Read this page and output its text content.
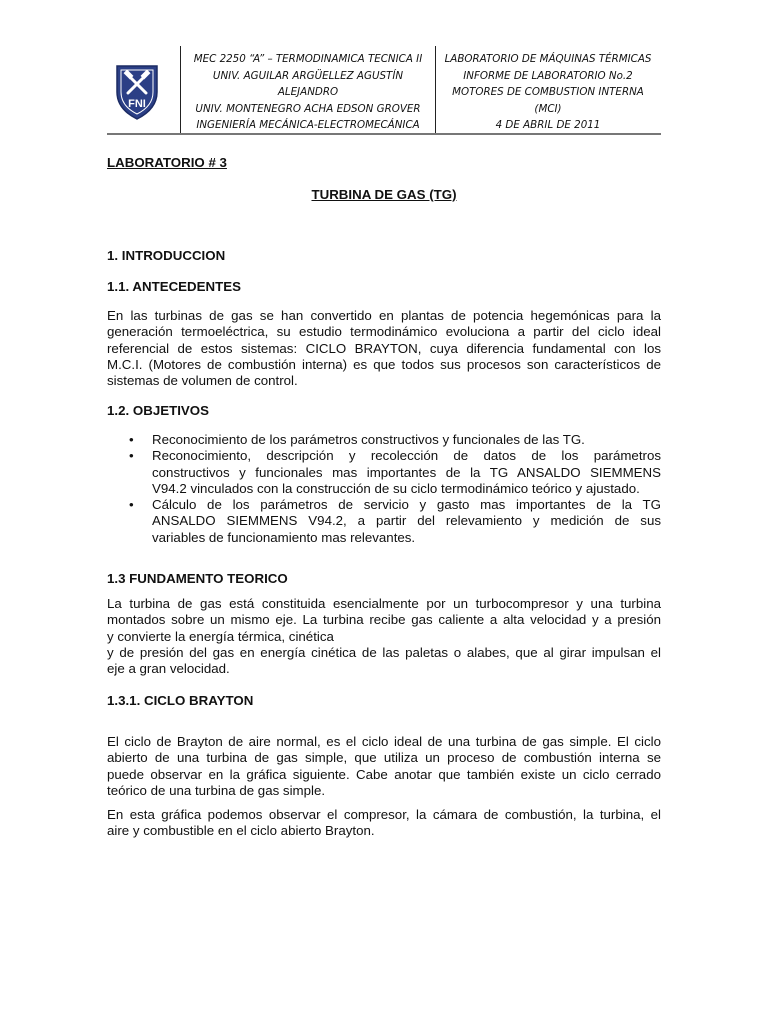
FNI
MEC 2250 “A” – TERMODINAMICA TECNICA II
UNIV. AGUILAR ARGÜELLEZ AGUSTÍN
ALEJANDRO
UNIV. MONTENEGRO ACHA EDSON GROVER
INGENIERÍA MECÁNICA-ELECTROMECÁNICA
LABORATORIO DE MÁQUINAS TÉRMICAS
INFORME DE LABORATORIO No.2
MOTORES DE COMBUSTION INTERNA
(MCI)
4 DE ABRIL DE 2011
LABORATORIO # 3
TURBINA DE GAS (TG)
1. INTRODUCCION
1.1. ANTECEDENTES
En las turbinas de gas se han convertido en plantas de potencia hegemónicas para la
generación termoeléctrica, su estudio termodinámico evoluciona a partir del ciclo ideal
referencial de estos sistemas: CICLO BRAYTON, cuya diferencia fundamental con los
M.C.I. (Motores de combustión interna) es que todos sus procesos son característicos de
sistemas de volumen de control.
1.2. OBJETIVOS
• Reconocimiento de los parámetros constructivos y funcionales de las TG.
• Reconocimiento, descripción y recolección de datos de los parámetros
constructivos y funcionales mas importantes de la TG ANSALDO SIEMMENS
V94.2 vinculados con la construcción de su ciclo termodinámico teórico y ajustado.
• Cálculo de los parámetros de servicio y gasto mas importantes de la TG
ANSALDO SIEMMENS V94.2, a partir del relevamiento y medición de sus
variables de funcionamiento mas relevantes.
1.3 FUNDAMENTO TEORICO
La turbina de gas está constituida esencialmente por un turbocompresor y una turbina
montados sobre un mismo eje. La turbina recibe gas caliente a alta velocidad y a presión
y convierte la energía térmica, cinética
y de presión del gas en energía cinética de las paletas o alabes, que al girar impulsan el
eje a gran velocidad.
1.3.1. CICLO BRAYTON
El ciclo de Brayton de aire normal, es el ciclo ideal de una turbina de gas simple. El ciclo
abierto de una turbina de gas simple, que utiliza un proceso de combustión interna se
puede observar en la gráfica siguiente. Cabe anotar que también existe un ciclo cerrado
teórico de una turbina de gas simple.
En esta gráfica podemos observar el compresor, la cámara de combustión, la turbina, el
aire y combustible en el ciclo abierto Brayton.
